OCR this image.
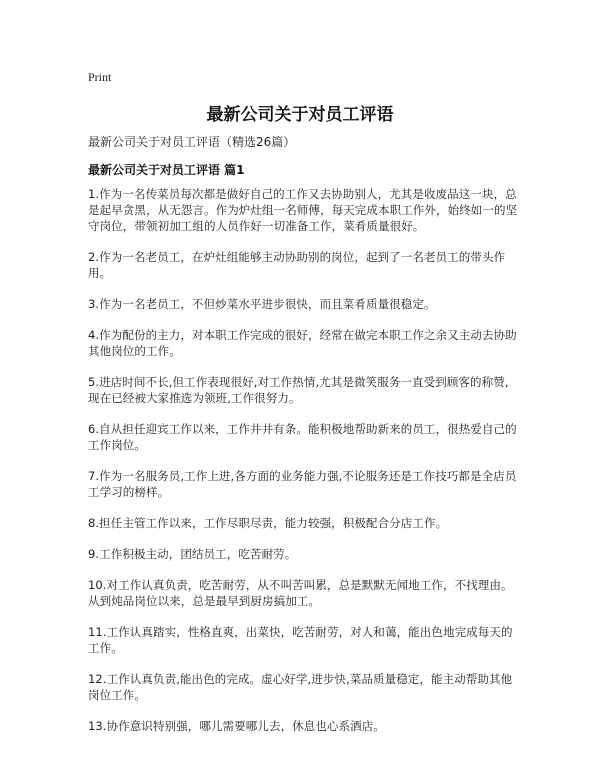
Print
最新公司关于对员工评语
最新公司关于对员工评语（精选26篇）
最新公司关于对员工评语 篇1

1.作为一名传菜员每次都是做好自己的工作又去协助别人，尤其是收废品这一块，总是起早贪黑，从无怨言。作为炉灶组一名师傅，每天完成本职工作外，始终如一的坚守岗位，带领初加工组的人员作好一切准备工作，菜肴质量很好。

2.作为一名老员工，在炉灶组能够主动协助别的岗位，起到了一名老员工的带头作用。

3.作为一名老员工，不但炒菜水平进步很快，而且菜肴质量很稳定。

4.作为配份的主力，对本职工作完成的很好，经常在做完本职工作之余又主动去协助其他岗位的工作。

5.进店时间不长,但工作表现很好,对工作热情,尤其是微笑服务一直受到顾客的称赞,现在已经被大家推选为领班,工作很努力。

6.自从担任迎宾工作以来，工作井井有条。能积极地帮助新来的员工，很热爱自己的工作岗位。

7.作为一名服务员,工作上进,各方面的业务能力强,不论服务还是工作技巧都是全店员工学习的榜样。

8.担任主管工作以来，工作尽职尽责，能力较强，积极配合分店工作。

9.工作积极主动，团结员工，吃苦耐劳。

10.对工作认真负责，吃苦耐劳，从不叫苦叫累，总是默默无闻地工作，不找理由。从到炖品岗位以来，总是最早到厨房搞加工。

11.工作认真踏实，性格直爽，出菜快，吃苦耐劳，对人和蔼，能出色地完成每天的工作。

12.工作认真负责,能出色的完成。虚心好学,进步快,菜品质量稳定，能主动帮助其他岗位工作。

13.协作意识特别强，哪儿需要哪儿去，休息也心系酒店。
